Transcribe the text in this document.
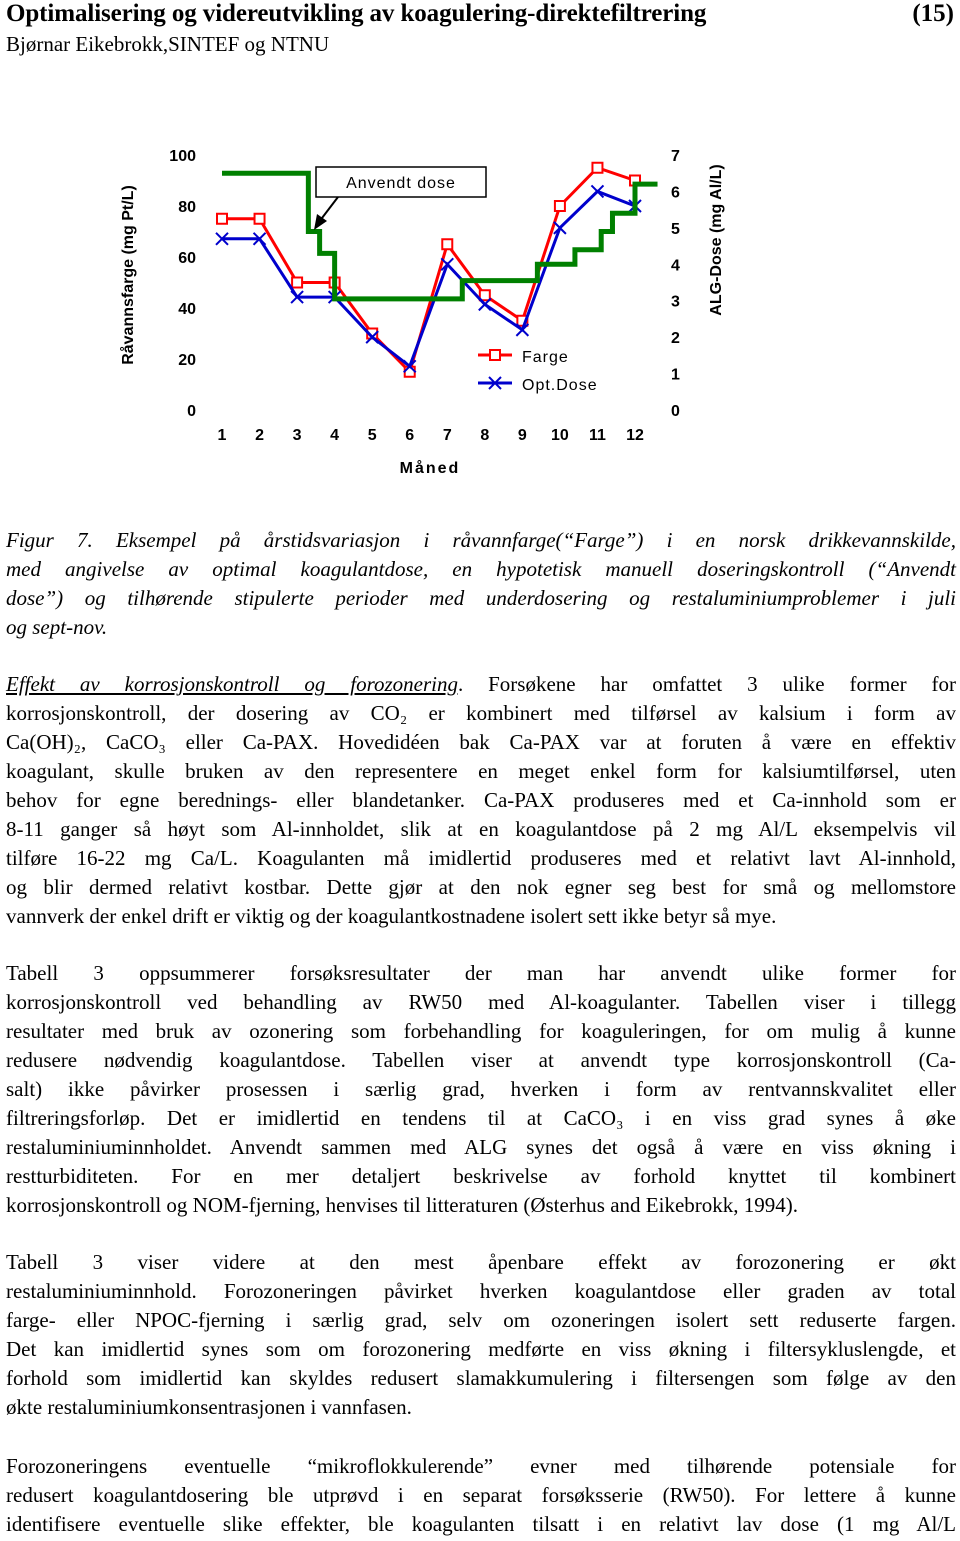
Optimalisering og videreutvikling av koagulering-direktefiltrering	(15)
Bjørnar Eikebrokk,SINTEF og NTNU
100
80
60
40
20
0
7
6
5
4
3
2
1
0
1 2 3 4 5 6 7 8 9 10 11 12
Måned
Råvannsfarge (mg Pt/L)	ALG-Dose (mg Al/L)
Anvendt dose
Farge
Opt.Dose
Figur 7. Eksempel på årstidsvariasjon i råvannfarge(“Farge”) i en norsk drikkevannskilde,
med angivelse av optimal koagulantdose, en hypotetisk manuell doseringskontroll (“Anvendt
dose”) og tilhørende stipulerte perioder med underdosering og restaluminiumproblemer i juli
og sept-nov.
Effekt av korrosjonskontroll og forozonering. Forsøkene har omfattet 3 ulike former for
korrosjonskontroll, der dosering av CO₂ er kombinert med tilførsel av kalsium i form av
Ca(OH)₂, CaCO₃ eller Ca-PAX. Hovedidéen bak Ca-PAX var at foruten å være en effektiv
koagulant, skulle bruken av den representere en meget enkel form for kalsiumtilførsel, uten
behov for egne berednings- eller blandetanker. Ca-PAX produseres med et Ca-innhold som er
8-11 ganger så høyt som Al-innholdet, slik at en koagulantdose på 2 mg Al/L eksempelvis vil
tilføre 16-22 mg Ca/L. Koagulanten må imidlertid produseres med et relativt lavt Al-innhold,
og blir dermed relativt kostbar. Dette gjør at den nok egner seg best for små og mellomstore
vannverk der enkel drift er viktig og der koagulantkostnadene isolert sett ikke betyr så mye.
Tabell 3 oppsummerer forsøksresultater der man har anvendt ulike former for
korrosjonskontroll ved behandling av RW50 med Al-koagulanter. Tabellen viser i tillegg
resultater med bruk av ozonering som forbehandling for koaguleringen, for om mulig å kunne
redusere nødvendig koagulantdose. Tabellen viser at anvendt type korrosjonskontroll (Ca-
salt) ikke påvirker prosessen i særlig grad, hverken i form av rentvannskvalitet eller
filtreringsforløp. Det er imidlertid en tendens til at CaCO₃ i en viss grad synes å øke
restaluminiuminnholdet. Anvendt sammen med ALG synes det også å være en viss økning i
restturbiditeten. For en mer detaljert beskrivelse av forhold knyttet til kombinert
korrosjonskontroll og NOM-fjerning, henvises til litteraturen (Østerhus and Eikebrokk, 1994).
Tabell 3 viser videre at den mest åpenbare effekt av forozonering er økt
restaluminiuminnhold. Forozoneringen påvirket hverken koagulantdose eller graden av total
farge- eller NPOC-fjerning i særlig grad, selv om ozoneringen isolert sett reduserte fargen.
Det kan imidlertid synes som om forozonering medførte en viss økning i filtersykluslengde, et
forhold som imidlertid kan skyldes redusert slamakkumulering i filtersengen som følge av den
økte restaluminiumkonsentrasjonen i vannfasen.
Forozoneringens eventuelle “mikroflokkulerende” evner med tilhørende potensiale for
redusert koagulantdosering ble utprøvd i en separat forsøksserie (RW50). For lettere å kunne
identifisere eventuelle slike effekter, ble koagulanten tilsatt i en relativt lav dose (1 mg Al/L
